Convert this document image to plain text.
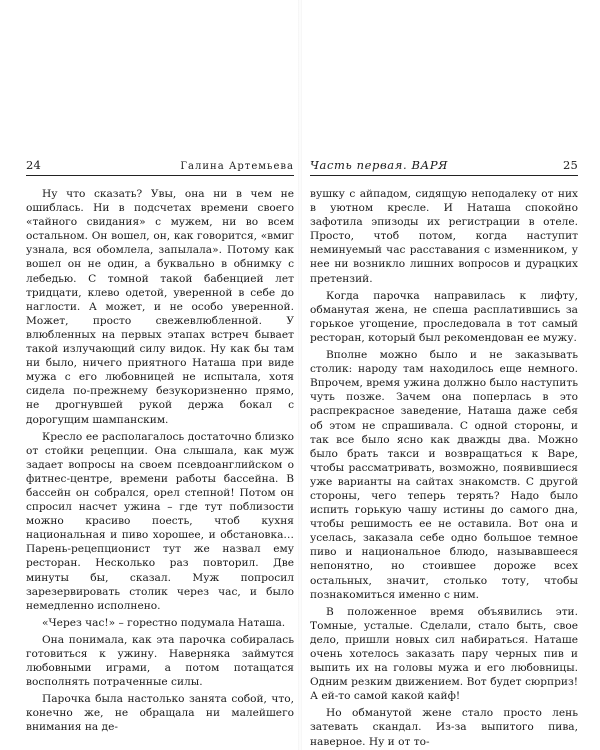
24	Галина Артемьева

Ну что сказать? Увы, она ни в чем не ошиблась. Ни в подсчетах времени своего «тайного свидания» с мужем, ни во всем остальном. Он вошел, он, как говорится, «вмиг узнала, вся обомлела, запылала». Потому как вошел он не один, а буквально в обнимку с лебедью. С томной такой бабенцией лет тридцати, клево одетой, уверенной в себе до наглости. А может, и не особо уверенной. Может, просто свежевлюбленной. У влюбленных на первых этапах встреч бывает такой излучающий силу видок. Ну как бы там ни было, ничего приятного Наташа при виде мужа с его любовницей не испытала, хотя сидела по-прежнему безукоризненно прямо, не дрогнувшей рукой держа бокал с дорогущим шампанским.

Кресло ее располагалось достаточно близко от стойки рецепции. Она слышала, как муж задает вопросы на своем псевдоанглийском о фитнес-центре, времени работы бассейна. В бассейн он собрался, орел степной! Потом он спросил насчет ужина – где тут поблизости можно красиво поесть, чтоб кухня национальная и пиво хорошее, и обстановка… Парень-рецепционист тут же назвал ему ресторан. Несколько раз повторил. Две минуты бы, сказал. Муж попросил зарезервировать столик через час, и было немедленно исполнено.

«Через час!» – горестно подумала Наташа.

Она понимала, как эта парочка собиралась готовиться к ужину. Наверняка займутся любовными играми, а потом потащатся восполнять потраченные силы.

Парочка была настолько занята собой, что, конечно же, не обращала ни малейшего внимания на де-

Часть первая. ВАРЯ	25

вушку с айпадом, сидящую неподалеку от них в уютном кресле. И Наташа спокойно зафотила эпизоды их регистрации в отеле. Просто, чтоб потом, когда наступит неминуемый час расставания с изменником, у нее ни возникло лишних вопросов и дурацких претензий.

Когда парочка направилась к лифту, обманутая жена, не спеша расплатившись за горькое угощение, проследовала в тот самый ресторан, который был рекомендован ее мужу.

Вполне можно было и не заказывать столик: народу там находилось еще немного. Впрочем, время ужина должно было наступить чуть позже. Зачем она поперлась в это распрекрасное заведение, Наташа даже себя об этом не спрашивала. С одной стороны, и так все было ясно как дважды два. Можно было брать такси и возвращаться к Варе, чтобы рассматривать, возможно, появившиеся уже варианты на сайтах знакомств. С другой стороны, чего теперь терять? Надо было испить горькую чашу истины до самого дна, чтобы решимость ее не оставила. Вот она и уселась, заказала себе одно большое темное пиво и национальное блюдо, называвшееся непонятно, но стоившее дороже всех остальных, значит, столько тоту, чтобы познакомиться именно с ним.

В положенное время объявились эти. Томные, усталые. Сделали, стало быть, свое дело, пришли новых сил набираться. Наташе очень хотелось заказать пару черных пив и выпить их на головы мужа и его любовницы. Одним резким движением. Вот будет сюрприз! А ей-то самой какой кайф!

Но обманутой жене стало просто лень затевать скандал. Из-за выпитого пива, наверное. Ну и от то-
